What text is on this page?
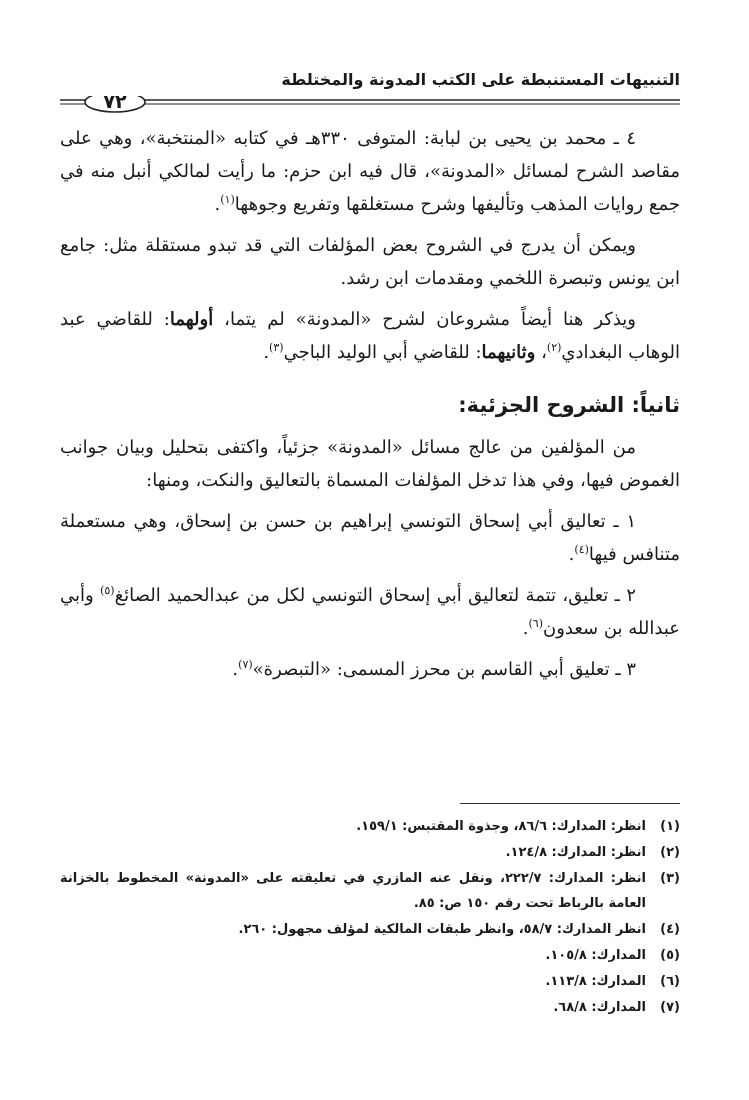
التنبيهات المستنبطة على الكتب المدونة والمختلطة
٧٢

٤ ـ محمد بن يحيى بن لبابة: المتوفى ٣٣٠هـ في كتابه «المنتخبة»، وهي على مقاصد الشرح لمسائل «المدونة»، قال فيه ابن حزم: ما رأيت لمالكي أنبل منه في جمع روايات المذهب وتأليفها وشرح مستغلقها وتفريع وجوهها$^{(١)}$.

ويمكن أن يدرج في الشروح بعض المؤلفات التي قد تبدو مستقلة مثل: جامع ابن يونس وتبصرة اللخمي ومقدمات ابن رشد.

ويذكر هنا أيضاً مشروعان لشرح «المدونة» لم يتما، أولهما: للقاضي عبد الوهاب البغدادي$^{(٢)}$، وثانيهما: للقاضي أبي الوليد الباجي$^{(٣)}$.

ثانياً: الشروح الجزئية:

من المؤلفين من عالج مسائل «المدونة» جزئياً، واكتفى بتحليل وبيان جوانب الغموض فيها، وفي هذا تدخل المؤلفات المسماة بالتعاليق والنكت، ومنها:

١ ـ تعاليق أبي إسحاق التونسي إبراهيم بن حسن بن إسحاق، وهي مستعملة متنافس فيها$^{(٤)}$.

٢ ـ تعليق، تتمة لتعاليق أبي إسحاق التونسي لكل من عبدالحميد الصائغ$^{(٥)}$ وأبي عبدالله بن سعدون$^{(٦)}$.

٣ ـ تعليق أبي القاسم بن محرز المسمى: «التبصرة»$^{(٧)}$.

(١)
انظر: المدارك: ٨٦/٦، وجذوة المقتبس: ١٥٩/١.
(٢)
انظر: المدارك: ١٢٤/٨.
(٣)
انظر: المدارك: ٢٢٢/٧، ونقل عنه المازري في تعليقته على «المدونة» المخطوط بالخزانة العامة بالرباط تحت رقم ١٥٠ ص: ٨٥.
(٤)
انظر المدارك: ٥٨/٧، وانظر طبقات المالكية لمؤلف مجهول: ٢٦٠.
(٥)
المدارك: ١٠٥/٨.
(٦)
المدارك: ١١٣/٨.
(٧)
المدارك: ٦٨/٨.
